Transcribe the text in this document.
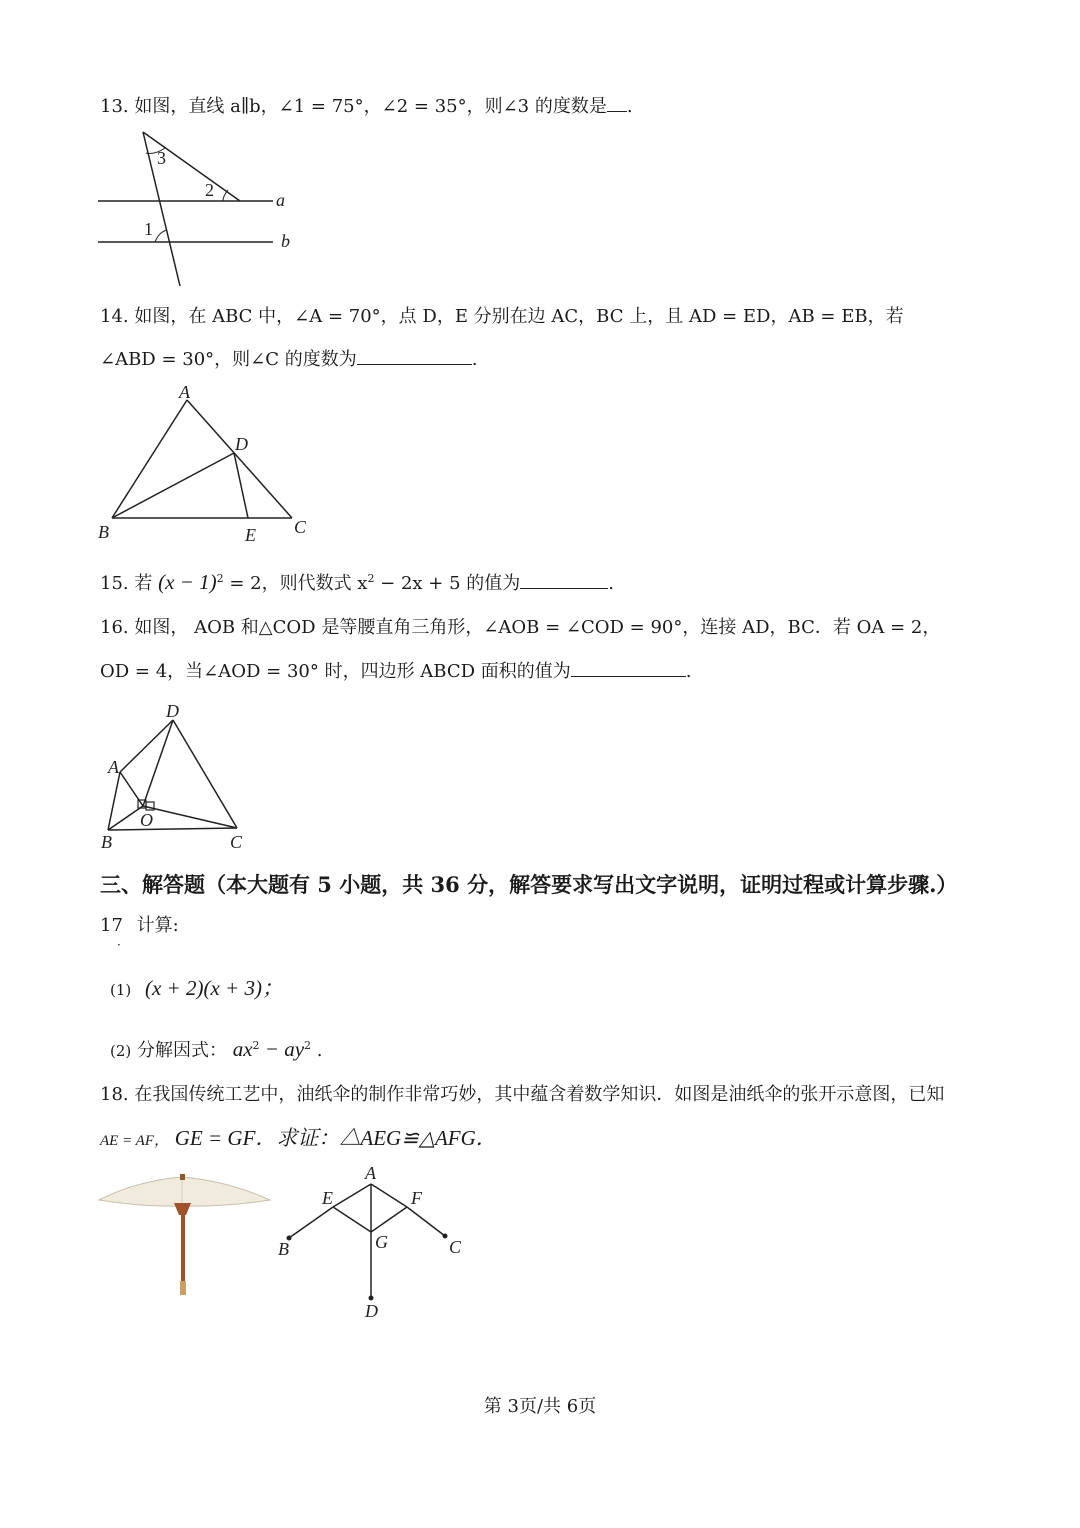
13. 如图，直线 a∥b，∠1 = 75°，∠2 = 35°，则∠3 的度数是 .
3
2
1
a
b
14. 如图，在 ABC 中，∠A = 70°，点 D，E 分别在边 AC，BC 上，且 AD = ED，AB = EB，若
∠ABD = 30°，则∠C 的度数为	.
A
D
B	E C
15. 若 $(x - 1)^2 = 2$，则代数式 $x^2 - 2x + 5$ 的值为	.
16. 如图， AOB 和△COD 是等腰直角三角形，∠AOB = ∠COD = 90°，连接 AD，BC．若 OA = 2，
OD = 4，当∠AOD = 30° 时，四边形 ABCD 面积的值为	.
D
A
O
B	C
三、解答题（本大题有 5 小题，共 36 分，解答要求写出文字说明，证明过程或计算步骤.）
17 计算:
·
(1) (x + 2)(x + 3)；
(2) 分解因式： $ax^2 - ay^2$ .
18. 在我国传统工艺中，油纸伞的制作非常巧妙，其中蕴含着数学知识．如图是油纸伞的张开示意图，已知
AE = AF， GE = GF．求证：△AEG≌△AFG．
A
E	F
G
B	C
D
第 3页/共 6页
